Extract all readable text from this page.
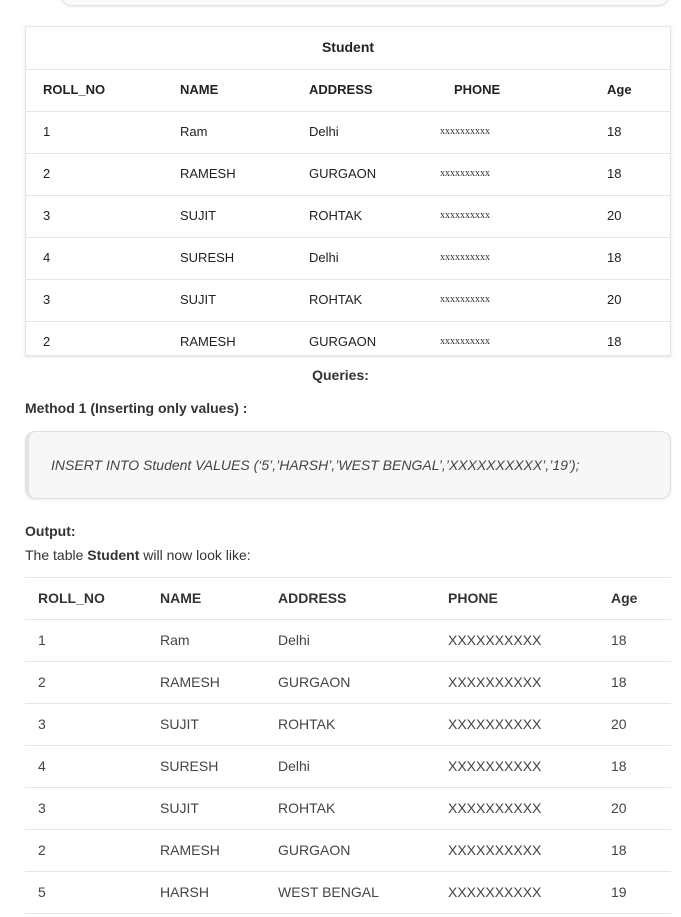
Student
ROLL_NO	NAME	ADDRESS	PHONE	Age
1	Ram	Delhi	xxxxxxxxxx	18
2	RAMESH	GURGAON	xxxxxxxxxx	18
3	SUJIT	ROHTAK	xxxxxxxxxx	20
4	SURESH	Delhi	xxxxxxxxxx	18
3	SUJIT	ROHTAK	xxxxxxxxxx	20
2	RAMESH	GURGAON	xxxxxxxxxx	18
Queries:
Method 1 (Inserting only values) :
INSERT INTO Student VALUES (‘5’,’HARSH’,’WEST BENGAL’,’XXXXXXXXXX’,’19’);
Output:
The table Student will now look like:
ROLL_NO	NAME	ADDRESS	PHONE	Age
1	Ram	Delhi	XXXXXXXXXX	18
2	RAMESH	GURGAON	XXXXXXXXXX	18
3	SUJIT	ROHTAK	XXXXXXXXXX	20
4	SURESH	Delhi	XXXXXXXXXX	18
3	SUJIT	ROHTAK	XXXXXXXXXX	20
2	RAMESH	GURGAON	XXXXXXXXXX	18
5	HARSH	WEST BENGAL	XXXXXXXXXX	19
